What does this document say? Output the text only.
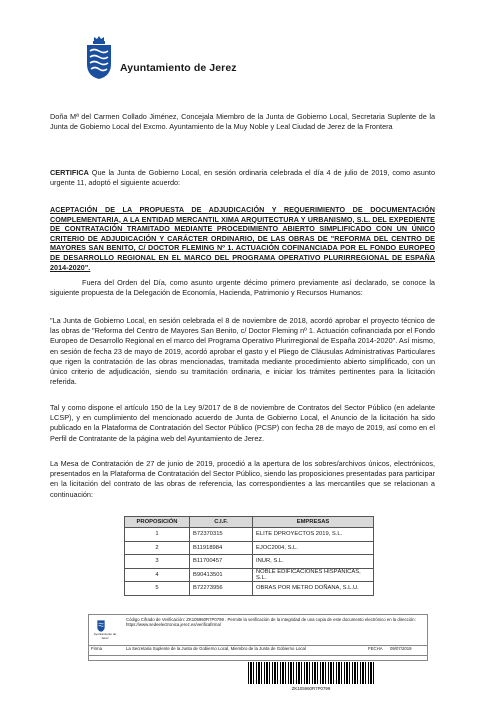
Ayuntamiento de Jerez

Doña Mª del Carmen Collado Jiménez, Concejala Miembro de la Junta de Gobierno Local, Secretaria Suplente de la Junta de Gobierno Local del Excmo. Ayuntamiento de la Muy Noble y Leal Ciudad de Jerez de la Frontera

CERTIFICA Que la Junta de Gobierno Local, en sesión ordinaria celebrada el día 4 de julio de 2019, como asunto urgente 11, adoptó el siguiente acuerdo:

ACEPTACIÓN DE LA PROPUESTA DE ADJUDICACIÓN Y REQUERIMIENTO DE DOCUMENTACIÓN COMPLEMENTARIA, A LA ENTIDAD MERCANTIL XIMA ARQUITECTURA Y URBANISMO, S.L. DEL EXPEDIENTE DE CONTRATACIÓN TRAMITADO MEDIANTE PROCEDIMIENTO ABIERTO SIMPLIFICADO CON UN ÚNICO CRITERIO DE ADJUDICACIÓN Y CARÁCTER ORDINARIO, DE LAS OBRAS DE "REFORMA DEL CENTRO DE MAYORES SAN BENITO, C/ DOCTOR FLEMING Nº 1. ACTUACIÓN COFINANCIADA POR EL FONDO EUROPEO DE DESARROLLO REGIONAL EN EL MARCO DEL PROGRAMA OPERATIVO PLURIRREGIONAL DE ESPAÑA 2014-2020".

Fuera del Orden del Día, como asunto urgente décimo primero previamente así declarado, se conoce la siguiente propuesta de la Delegación de Economía, Hacienda, Patrimonio y Recursos Humanos:

"La Junta de Gobierno Local, en sesión celebrada el 8 de noviembre de 2018, acordó aprobar el proyecto técnico de las obras de "Reforma del Centro de Mayores San Benito, c/ Doctor Fleming nº 1. Actuación cofinanciada por el Fondo Europeo de Desarrollo Regional en el marco del Programa Operativo Plurirregional de España 2014-2020". Así mismo, en sesión de fecha 23 de mayo de 2019, acordó aprobar el gasto y el Pliego de Cláusulas Administrativas Particulares que rigen la contratación de las obras mencionadas, tramitada mediante procedimiento abierto simplificado, con un único criterio de adjudicación, siendo su tramitación ordinaria, e iniciar los trámites pertinentes para la licitación referida.

Tal y como dispone el artículo 150 de la Ley 9/2017 de 8 de noviembre de Contratos del Sector Público (en adelante LCSP), y en cumplimiento del mencionado acuerdo de Junta de Gobierno Local, el Anuncio de la licitación ha sido publicado en la Plataforma de Contratación del Sector Público (PCSP) con fecha 28 de mayo de 2019, así como en el Perfil de Contratante de la página web del Ayuntamiento de Jerez.

La Mesa de Contratación de 27 de junio de 2019, procedió a la apertura de los sobres/archivos únicos, electrónicos, presentados en la Plataforma de Contratación del Sector Público, siendo las proposiciones presentadas para participar en la licitación del contrato de las obras de referencia, las correspondientes a las mercantiles que se relacionan a continuación:

PROPOSICIÓN	C.I.F.	EMPRESAS
1	B72370315	ELITE DPROYECTOS 2019, S.L.
2	B11918984	EJOC2004, S.L.
3	B11700457	INUR, S.L.
4	B90413501	NOBLE EDIFICACIONES HISPÁNICAS, S.L.
5	B72273956	OBRAS POR METRO DOÑANA, S.L.U.
Ayuntamiento de Jerez
Código Cifrado de Verificación: ZK105960R7P0799 . Permite la verificación de la integridad de una copia de este documento electrónico en la dirección: https://www.sedeelectronica.jerez.es/verificafirma/
Firma	La Secretaria Suplente de la Junta de Gobierno Local, Miembro de la Junta de Gobierno Local	FECHA 09/07/2019
ZK105960R7P0799
